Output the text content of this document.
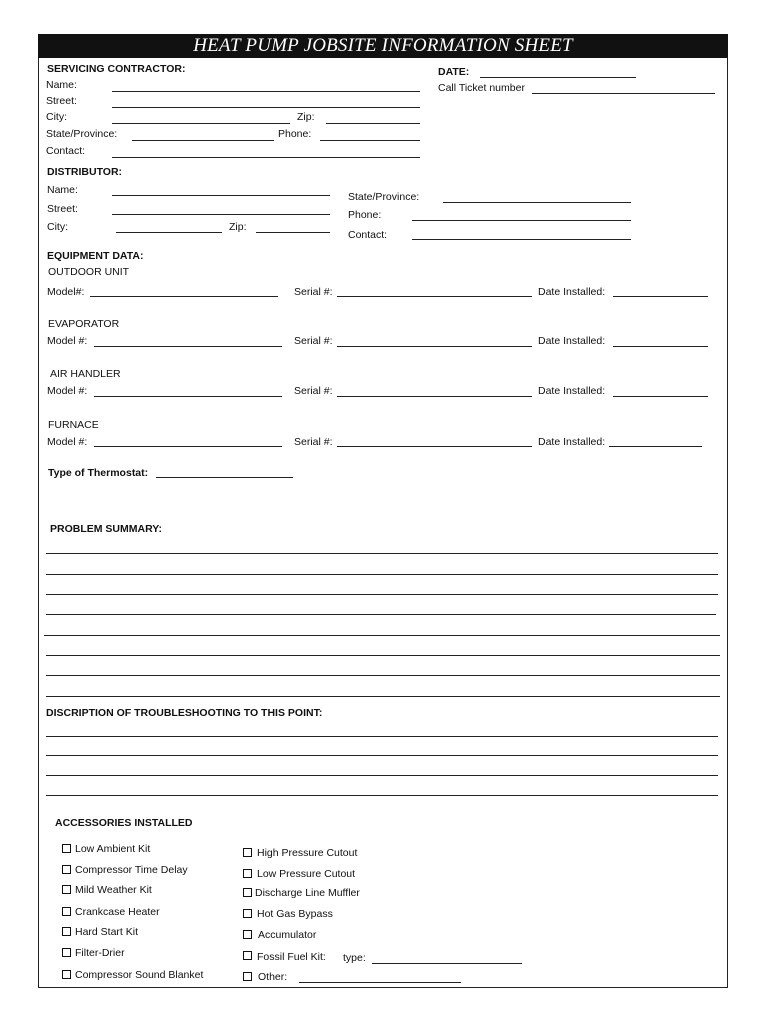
HEAT PUMP JOBSITE INFORMATION SHEET
SERVICING CONTRACTOR:
Name:
Street:
City:	Zip:
State/Province:	Phone:
Contact:
DATE:
Call Ticket number
DISTRIBUTOR:
Name:
Street:
City:	Zip:
State/Province:
Phone:
Contact:
EQUIPMENT DATA:
OUTDOOR UNIT
Model#:	Serial #:	Date Installed:
EVAPORATOR
Model #:	Serial #:	Date Installed:
AIR HANDLER
Model #:	Serial #:	Date Installed:
FURNACE
Model #:	Serial #:	Date Installed:
Type of Thermostat:
PROBLEM SUMMARY:
DISCRIPTION OF TROUBLESHOOTING TO THIS POINT:
ACCESSORIES INSTALLED
Low Ambient Kit
Compressor Time Delay
Mild Weather Kit
Crankcase Heater
Hard Start Kit
Filter-Drier
Compressor Sound Blanket
High Pressure Cutout
Low Pressure Cutout
Discharge Line Muffler
Hot Gas Bypass
Accumulator
Fossil Fuel Kit: type:
Other:
